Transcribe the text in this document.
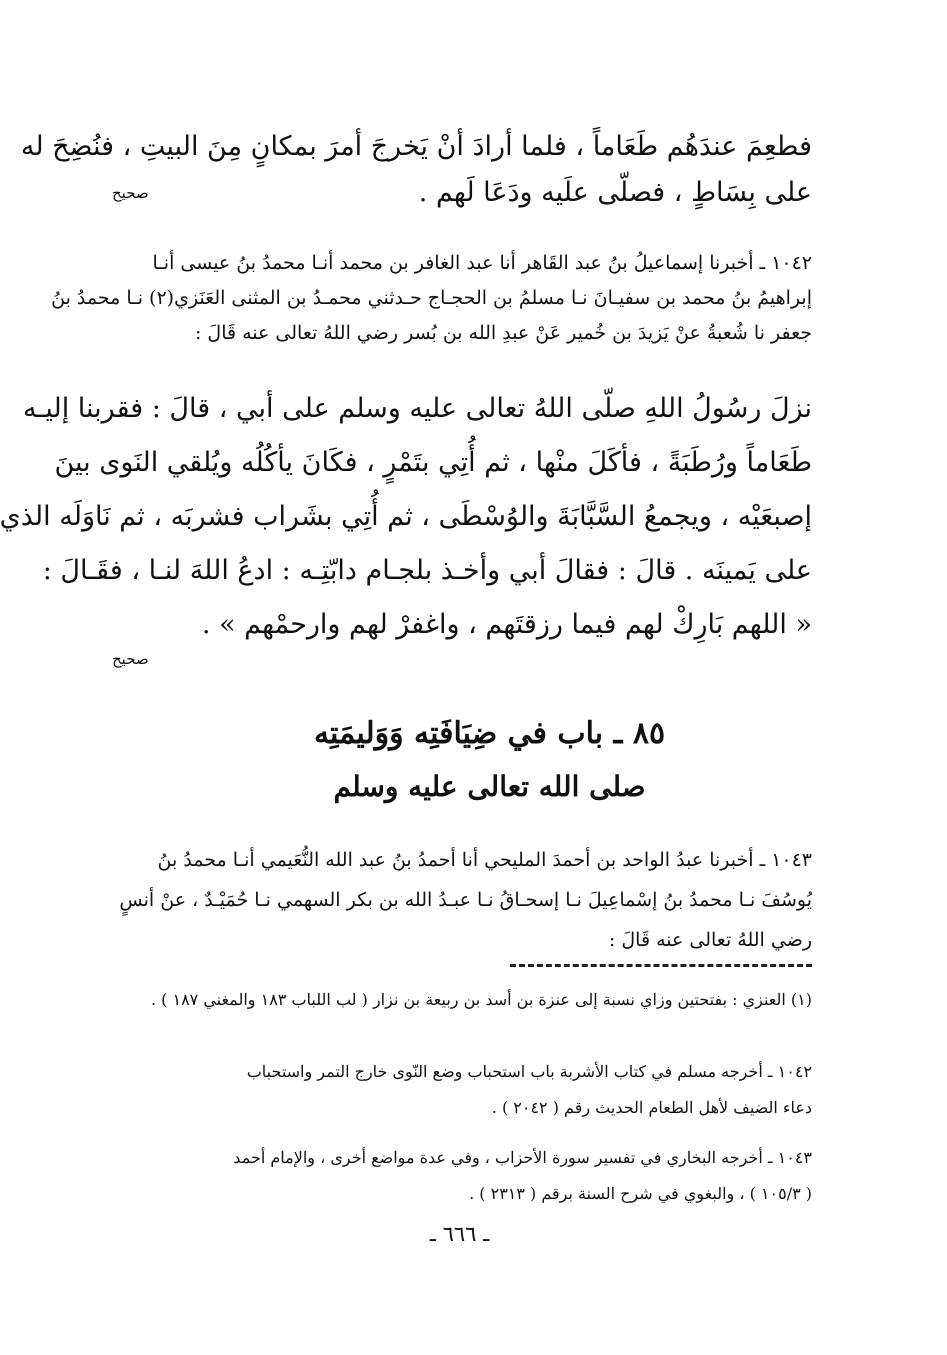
فطعِمَ عندَهُم طَعَاماً ، فلما أرادَ أنْ يَخرجَ أمرَ بمكانٍ مِنَ البيتِ ، فنُضِحَ له
على بِسَاطٍ ، فصلّى علَيه ودَعَا لَهم .
صحيح
١٠٤٢ ـ أخبرنا إسماعيلُ بنُ عبد القَاهر أنا عبد الغافر بن محمد أنـا محمدُ بنُ عيسى أنـا
إبراهيمُ بنُ محمد بن سفيـانَ نـا مسلمُ بن الحجـاج حـدثني محمـدُ بن المثنى العَنَزي(٢) نـا محمدُ بنُ
جعفر نا شُعبةُ عنْ يَزيدَ بن خُمير عَنْ عبدِ الله بن بُسر رضي اللهُ تعالى عنه قَالَ :
نزلَ رسُولُ اللهِ صلّى اللهُ تعالى عليه وسلم على أبي ، قالَ : فقربنا إليـه
طَعَاماً ورُطَبَةً ، فأكَلَ منْها ، ثم أُتِي بتَمْرٍ ، فكَانَ يأكُلُه ويُلقي النَوى بينَ
إصبعَيْه ، ويجمعُ السَّبَّابَةَ والوُسْطَى ، ثم أُتِي بشَراب فشربَه ، ثم نَاوَلَه الذي
على يَمينَه . قالَ : فقالَ أبي وأخـذ بلجـام دابّتِـه : ادعُ اللهَ لنـا ، فقَـالَ :
« اللهم بَارِكْ لهم فيما رزقتَهم ، واغفرْ لهم وارحمْهم » .
صحيح
٨٥ ـ باب في ضِيَافَتِه وَوَليمَتِه
صلى الله تعالى عليه وسلم
١٠٤٣ ـ أخبرنا عبدُ الواحد بن أحمدَ المليحي أنا أحمدُ بنُ عبد الله النُّعَيمي أنـا محمدُ بنُ
يُوسُفَ نـا محمدُ بنُ إسْماعِيلَ نـا إسحـاقُ نـا عبـدُ الله بن بكر السهمي نـا حُمَيْـدٌ ، عنْ أنسٍ
رضي اللهُ تعالى عنه قَالَ :
(١) العنزي : بفتحتين وزاي نسبة إلى عنزة بن أسد بن ربيعة بن نزار ( لب اللباب ١٨٣ والمغني ١٨٧ ) .
١٠٤٢ ـ أخرجه مسلم في كتاب الأشربة باب استحباب وضع النّوى خارج التمر واستحباب
دعاء الضيف لأهل الطعام الحديث رقم ( ٢٠٤٢ ) .
١٠٤٣ ـ أخرجه البخاري في تفسير سورة الأحزاب ، وفي عدة مواضع أخرى ، والإمام أحمد
( ١٠٥/٣ ) ، والبغوي في شرح السنة برقم ( ٢٣١٣ ) .
ـ ٦٦٦ ـ
